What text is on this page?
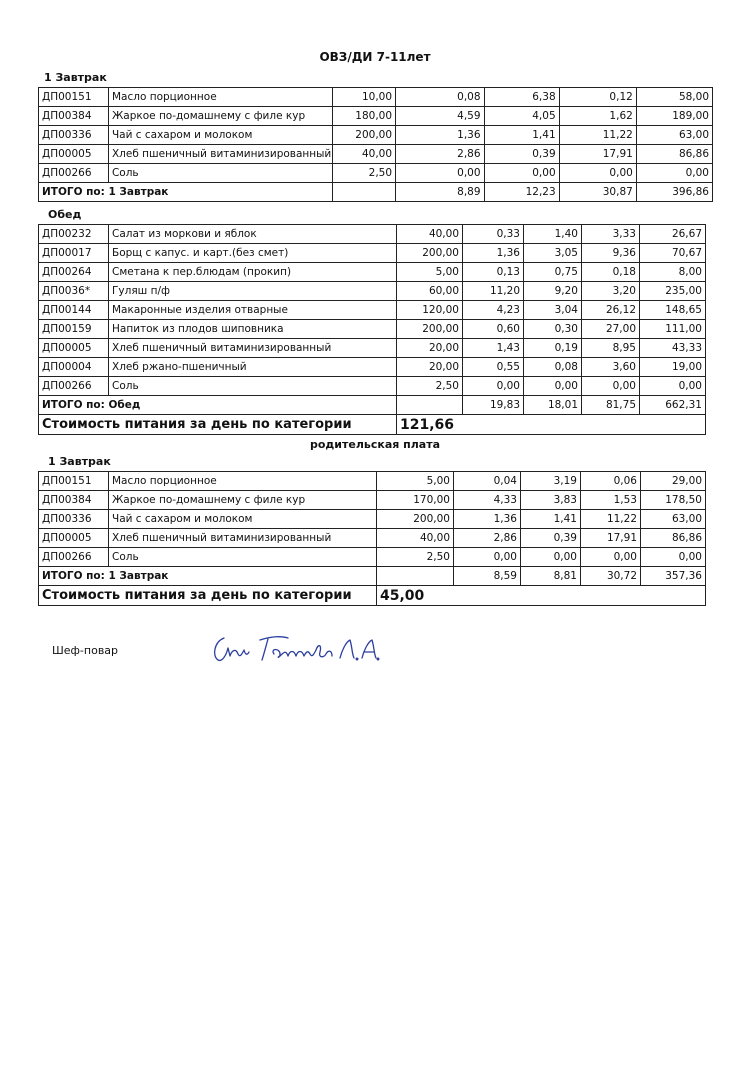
ОВЗ/ДИ 7-11лет
1 Завтрак
ДП00151	Масло порционное	10,00	0,08	6,38	0,12	58,00
ДП00384	Жаркое по-домашнему с филе кур	180,00	4,59	4,05	1,62	189,00
ДП00336	Чай с сахаром и молоком	200,00	1,36	1,41	11,22	63,00
ДП00005	Хлеб пшеничный витаминизированный	40,00	2,86	0,39	17,91	86,86
ДП00266	Соль	2,50	0,00	0,00	0,00	0,00
ИТОГО по: 1 Завтрак			8,89	12,23	30,87	396,86
Обед
ДП00232	Салат из моркови и яблок	40,00	0,33	1,40	3,33	26,67
ДП00017	Борщ с капус. и карт.(без смет)	200,00	1,36	3,05	9,36	70,67
ДП00264	Сметана к пер.блюдам (прокип)	5,00	0,13	0,75	0,18	8,00
ДП0036*	Гуляш п/ф	60,00	11,20	9,20	3,20	235,00
ДП00144	Макаронные изделия отварные	120,00	4,23	3,04	26,12	148,65
ДП00159	Напиток из плодов шиповника	200,00	0,60	0,30	27,00	111,00
ДП00005	Хлеб пшеничный витаминизированный	20,00	1,43	0,19	8,95	43,33
ДП00004	Хлеб ржано-пшеничный	20,00	0,55	0,08	3,60	19,00
ДП00266	Соль	2,50	0,00	0,00	0,00	0,00
ИТОГО по: Обед			19,83	18,01	81,75	662,31
Стоимость питания за день по категории		121,66				
родительская плата
1 Завтрак
ДП00151	Масло порционное	5,00	0,04	3,19	0,06	29,00
ДП00384	Жаркое по-домашнему с филе кур	170,00	4,33	3,83	1,53	178,50
ДП00336	Чай с сахаром и молоком	200,00	1,36	1,41	11,22	63,00
ДП00005	Хлеб пшеничный витаминизированный	40,00	2,86	0,39	17,91	86,86
ДП00266	Соль	2,50	0,00	0,00	0,00	0,00
ИТОГО по: 1 Завтрак			8,59	8,81	30,72	357,36
Стоимость питания за день по категории		45,00				
Шеф-повар
